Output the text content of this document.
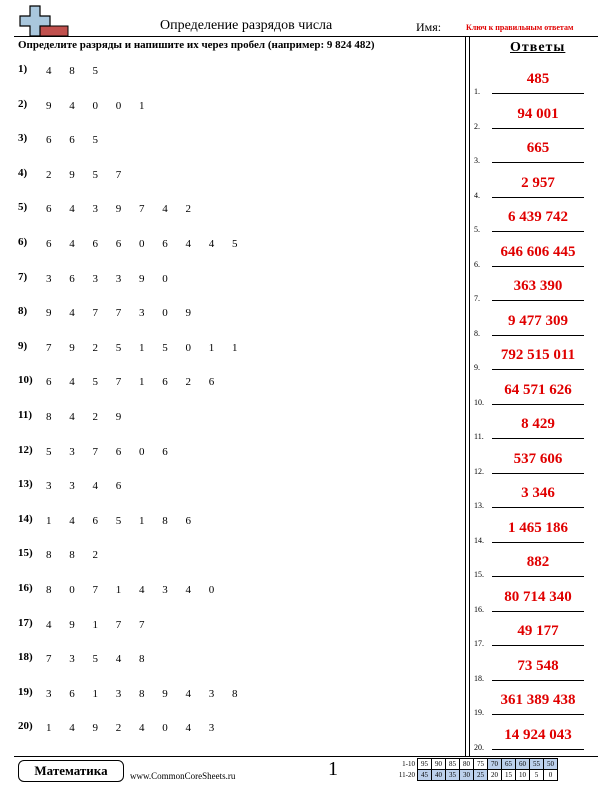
Определение разрядов числа	Имя:	Ключ к правильным ответам
Определите разряды и напишите их через пробел (например: 9 824 482)	Ответы
1) 4 8 5
2) 9 4 0 0 1
3) 6 6 5
4) 2 9 5 7
5) 6 4 3 9 7 4 2
6) 6 4 6 6 0 6 4 4 5
7) 3 6 3 3 9 0
8) 9 4 7 7 3 0 9
9) 7 9 2 5 1 5 0 1 1
10) 6 4 5 7 1 6 2 6
11) 8 4 2 9
12) 5 3 7 6 0 6
13) 3 3 4 6
14) 1 4 6 5 1 8 6
15) 8 8 2
16) 8 0 7 1 4 3 4 0
17) 4 9 1 7 7
18) 7 3 5 4 8
19) 3 6 1 3 8 9 4 3 8
20) 1 4 9 2 4 0 4 3
1.
485
2.
94 001
3.
665
4.
2 957
5.
6 439 742
6.
646 606 445
7.
363 390
8.
9 477 309
9.
792 515 011
10.
64 571 626
11.
8 429
12.
537 606
13.
3 346
14.
1 465 186
15.
882
16.
80 714 340
17.
49 177
18.
73 548
19.
361 389 438
20.
14 924 043
Математика	www.CommonCoreSheets.ru	1	1-10	95	90	85	80	75	70	65	60	55	50
11-20	45	40	35	30	25	20	15	10	5	0
